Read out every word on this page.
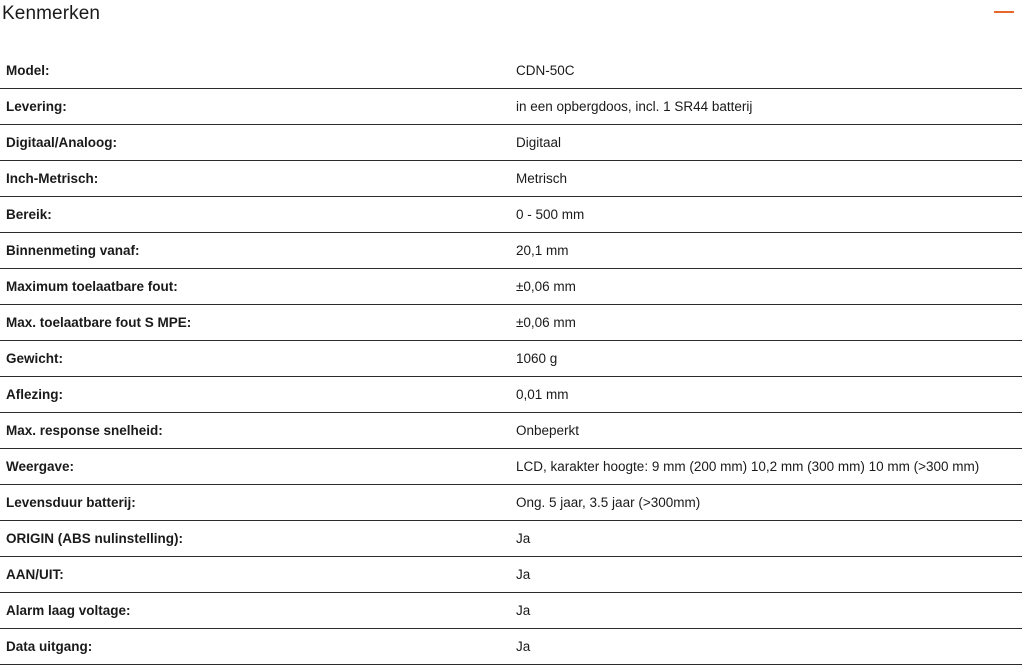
Kenmerken
Model:	CDN-50C
Levering:	in een opbergdoos, incl. 1 SR44 batterij
Digitaal/Analoog:	Digitaal
Inch-Metrisch:	Metrisch
Bereik:	0 - 500 mm
Binnenmeting vanaf:	20,1 mm
Maximum toelaatbare fout:	±0,06 mm
Max. toelaatbare fout S MPE:	±0,06 mm
Gewicht:	1060 g
Aflezing:	0,01 mm
Max. response snelheid:	Onbeperkt
Weergave:	LCD, karakter hoogte: 9 mm (200 mm) 10,2 mm (300 mm) 10 mm (>300 mm)
Levensduur batterij:	Ong. 5 jaar, 3.5 jaar (>300mm)
ORIGIN (ABS nulinstelling):	Ja
AAN/UIT:	Ja
Alarm laag voltage:	Ja
Data uitgang:	Ja
